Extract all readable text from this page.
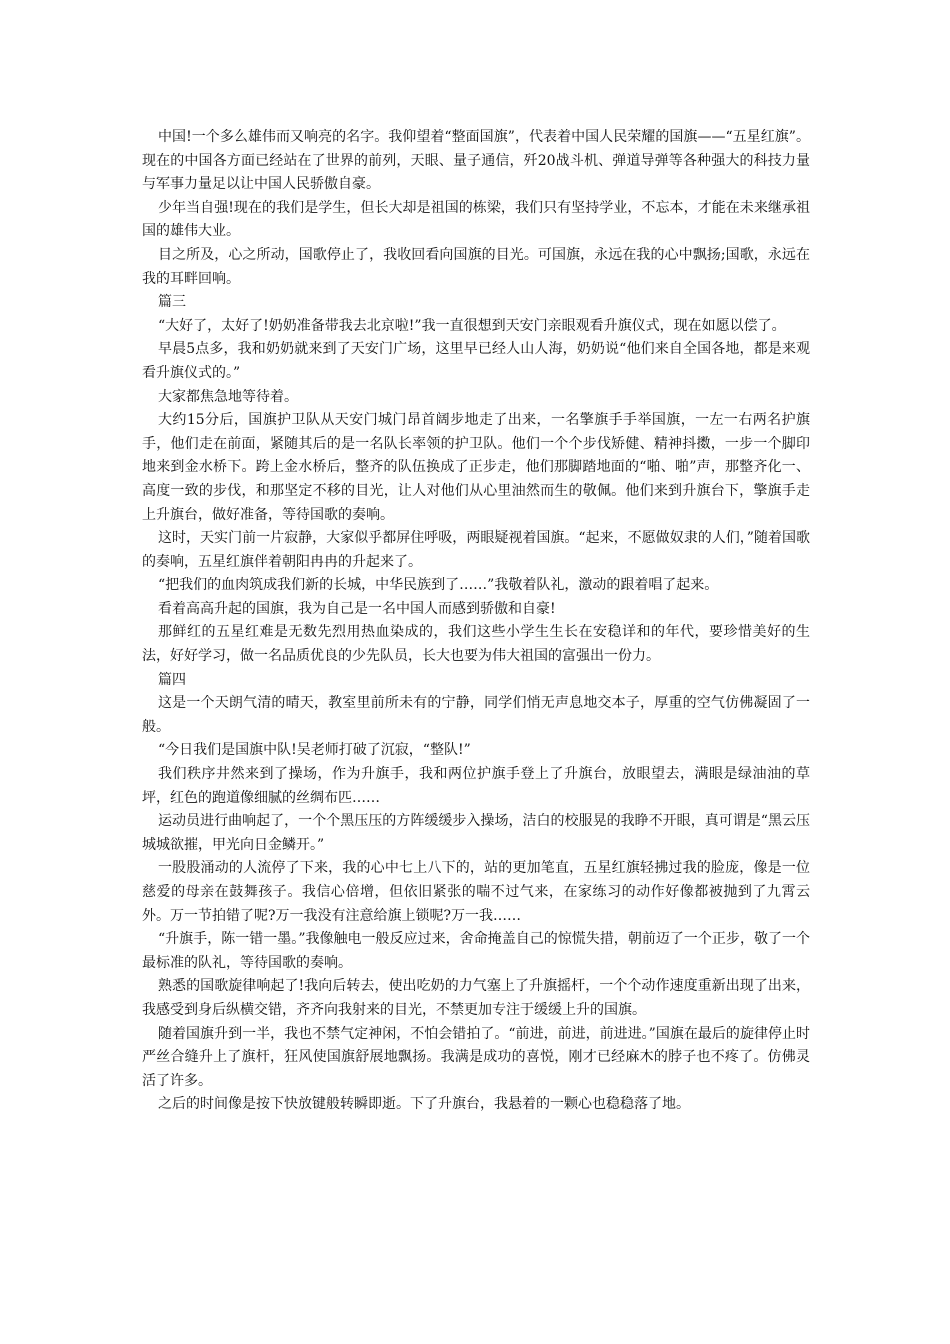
中国!一个多么雄伟而又响亮的名字。我仰望着“整面国旗”，代表着中国人民荣耀的国旗——“五星红旗”。现在的中国各方面已经站在了世界的前列，天眼、量子通信，歼20战斗机、弹道导弹等各种强大的科技力量与军事力量足以让中国人民骄傲自豪。

少年当自强!现在的我们是学生，但长大却是祖国的栋梁，我们只有坚持学业，不忘本，才能在未来继承祖国的雄伟大业。

目之所及，心之所动，国歌停止了，我收回看向国旗的目光。可国旗，永远在我的心中飘扬;国歌，永远在我的耳畔回响。

篇三

“大好了，太好了!奶奶准备带我去北京啦!”我一直很想到天安门亲眼观看升旗仪式，现在如愿以偿了。

早晨5点多，我和奶奶就来到了天安门广场，这里早已经人山人海，奶奶说“他们来自全国各地，都是来观看升旗仪式的。”

大家都焦急地等待着。

大约15分后，国旗护卫队从天安门城门昂首阔步地走了出来，一名擎旗手手举国旗，一左一右两名护旗手，他们走在前面，紧随其后的是一名队长率领的护卫队。他们一个个步伐矫健、精神抖擞，一步一个脚印地来到金水桥下。跨上金水桥后，整齐的队伍换成了正步走，他们那脚踏地面的“啪、啪”声，那整齐化一、高度一致的步伐，和那坚定不移的目光，让人对他们从心里油然而生的敬佩。他们来到升旗台下，擎旗手走上升旗台，做好准备，等待国歌的奏响。

这时，天实门前一片寂静，大家似乎都屏住呼吸，两眼疑视着国旗。“起来，不愿做奴隶的人们，”随着国歌的奏响，五星红旗伴着朝阳冉冉的升起来了。

“把我们的血肉筑成我们新的长城，中华民族到了……”我敬着队礼，激动的跟着唱了起来。

看着高高升起的国旗，我为自己是一名中国人而感到骄傲和自豪!

那鲜红的五星红难是无数先烈用热血染成的，我们这些小学生生长在安稳详和的年代，要珍惜美好的生法，好好学习，做一名品质优良的少先队员，长大也要为伟大祖国的富强出一份力。

篇四

这是一个天朗气清的晴天，教室里前所未有的宁静，同学们悄无声息地交本子，厚重的空气仿佛凝固了一般。

“今日我们是国旗中队!吴老师打破了沉寂，“整队!”

我们秩序井然来到了操场，作为升旗手，我和两位护旗手登上了升旗台，放眼望去，满眼是绿油油的草坪，红色的跑道像细腻的丝绸布匹……

运动员进行曲响起了，一个个黑压压的方阵缓缓步入操场，洁白的校服晃的我睁不开眼，真可谓是“黑云压城城欲摧，甲光向日金鳞开。”

一股股涌动的人流停了下来，我的心中七上八下的，站的更加笔直，五星红旗轻拂过我的脸庞，像是一位慈爱的母亲在鼓舞孩子。我信心倍增，但依旧紧张的喘不过气来，在家练习的动作好像都被抛到了九霄云外。万一节拍错了呢?万一我没有注意给旗上锁呢?万一我……

“升旗手，陈一错一墨。”我像触电一般反应过来，舍命掩盖自己的惊慌失措，朝前迈了一个正步，敬了一个最标准的队礼，等待国歌的奏响。

熟悉的国歌旋律响起了!我向后转去，使出吃奶的力气塞上了升旗摇杆，一个个动作速度重新出现了出来，我感受到身后纵横交错，齐齐向我射来的目光，不禁更加专注于缓缓上升的国旗。

随着国旗升到一半，我也不禁气定神闲，不怕会错拍了。“前进，前进，前进进。”国旗在最后的旋律停止时严丝合缝升上了旗杆，狂风使国旗舒展地飘扬。我满是成功的喜悦，刚才已经麻木的脖子也不疼了。仿佛灵活了许多。

之后的时间像是按下快放键般转瞬即逝。下了升旗台，我悬着的一颗心也稳稳落了地。
